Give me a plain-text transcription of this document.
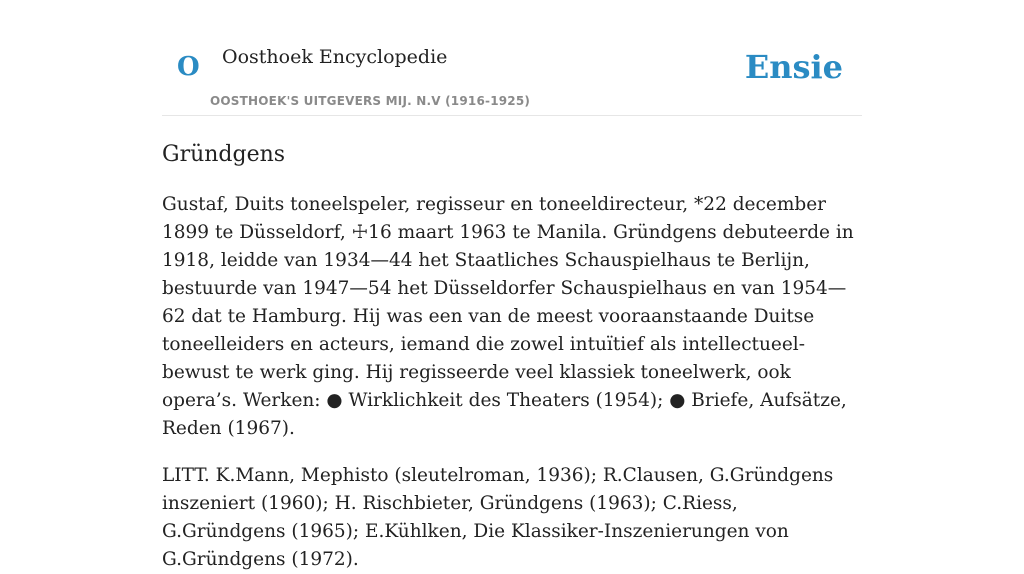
O Oosthoek Encyclopedie
OOSTHOEK'S UITGEVERS MIJ. N.V (1916-1925)
Ensie
Gründgens

Gustaf, Duits toneelspeler, regisseur en toneeldirecteur, *22 december 1899 te Düsseldorf, ☩16 maart 1963 te Manila. Gründgens debuteerde in 1918, leidde van 1934—44 het Staatliches Schauspielhaus te Berlijn, bestuurde van 1947—54 het Düsseldorfer Schauspielhaus en van 1954—62 dat te Hamburg. Hij was een van de meest vooraanstaande Duitse toneelleiders en acteurs, iemand die zowel intuïtief als intellectueel-bewust te werk ging. Hij regisseerde veel klassiek toneelwerk, ook opera’s. Werken: ● Wirklichkeit des Theaters (1954); ● Briefe, Aufsätze, Reden (1967).

LITT. K.Mann, Mephisto (sleutelroman, 1936); R.Clausen, G.Gründgens inszeniert (1960); H. Rischbieter, Gründgens (1963); C.Riess, G.Gründgens (1965); E.Kühlken, Die Klassiker-Inszenierungen von G.Gründgens (1972).
